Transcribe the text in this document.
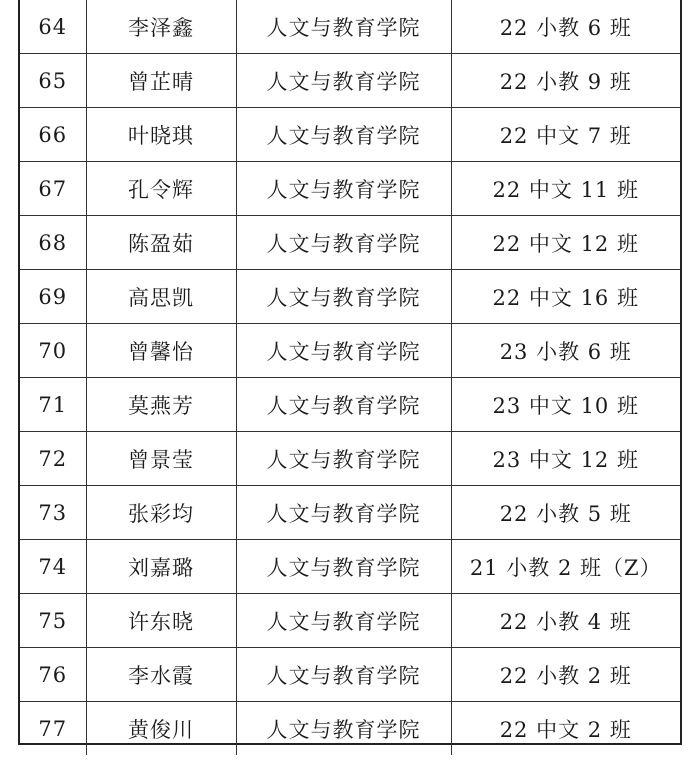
64	李泽鑫	人文与教育学院	22 小教 6 班
65	曾芷晴	人文与教育学院	22 小教 9 班
66	叶晓琪	人文与教育学院	22 中文 7 班
67	孔令辉	人文与教育学院	22 中文 11 班
68	陈盈茹	人文与教育学院	22 中文 12 班
69	高思凯	人文与教育学院	22 中文 16 班
70	曾馨怡	人文与教育学院	23 小教 6 班
71	莫燕芳	人文与教育学院	23 中文 10 班
72	曾景莹	人文与教育学院	23 中文 12 班
73	张彩均	人文与教育学院	22 小教 5 班
74	刘嘉璐	人文与教育学院	21 小教 2 班（Z）
75	许东晓	人文与教育学院	22 小教 4 班
76	李水霞	人文与教育学院	22 小教 2 班
77	黄俊川	人文与教育学院	22 中文 2 班
